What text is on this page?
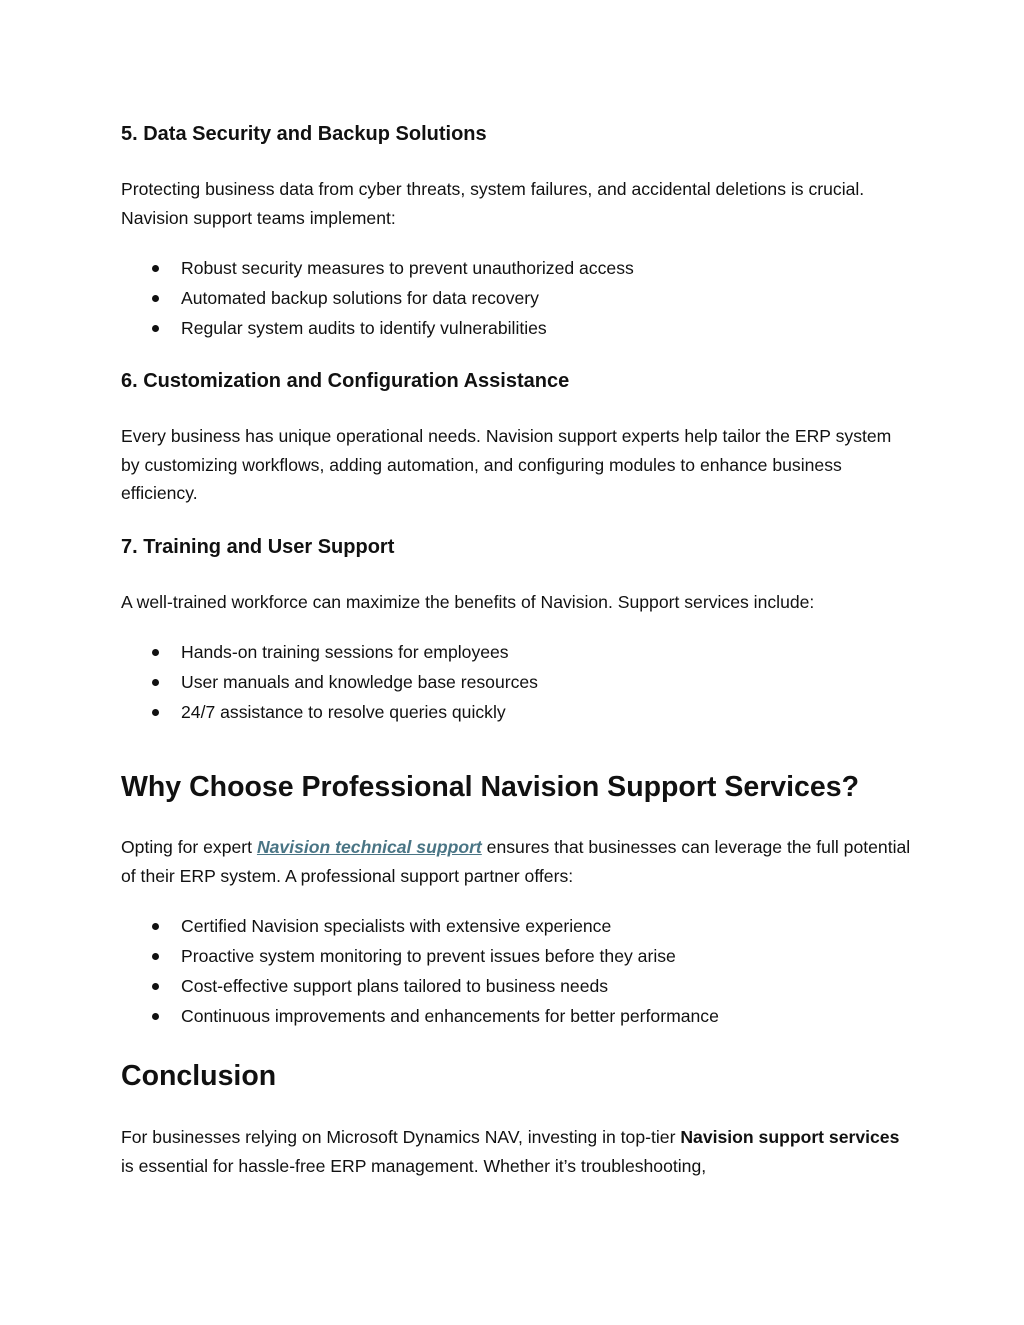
5. Data Security and Backup Solutions

Protecting business data from cyber threats, system failures, and accidental deletions is crucial. Navision support teams implement:

Robust security measures to prevent unauthorized access
Automated backup solutions for data recovery
Regular system audits to identify vulnerabilities
6. Customization and Configuration Assistance

Every business has unique operational needs. Navision support experts help tailor the ERP system by customizing workflows, adding automation, and configuring modules to enhance business efficiency.

7. Training and User Support

A well-trained workforce can maximize the benefits of Navision. Support services include:

Hands-on training sessions for employees
User manuals and knowledge base resources
24/7 assistance to resolve queries quickly
Why Choose Professional Navision Support Services?

Opting for expert Navision technical support ensures that businesses can leverage the full potential of their ERP system. A professional support partner offers:

Certified Navision specialists with extensive experience
Proactive system monitoring to prevent issues before they arise
Cost-effective support plans tailored to business needs
Continuous improvements and enhancements for better performance
Conclusion

For businesses relying on Microsoft Dynamics NAV, investing in top-tier Navision support services is essential for hassle-free ERP management. Whether it’s troubleshooting,
